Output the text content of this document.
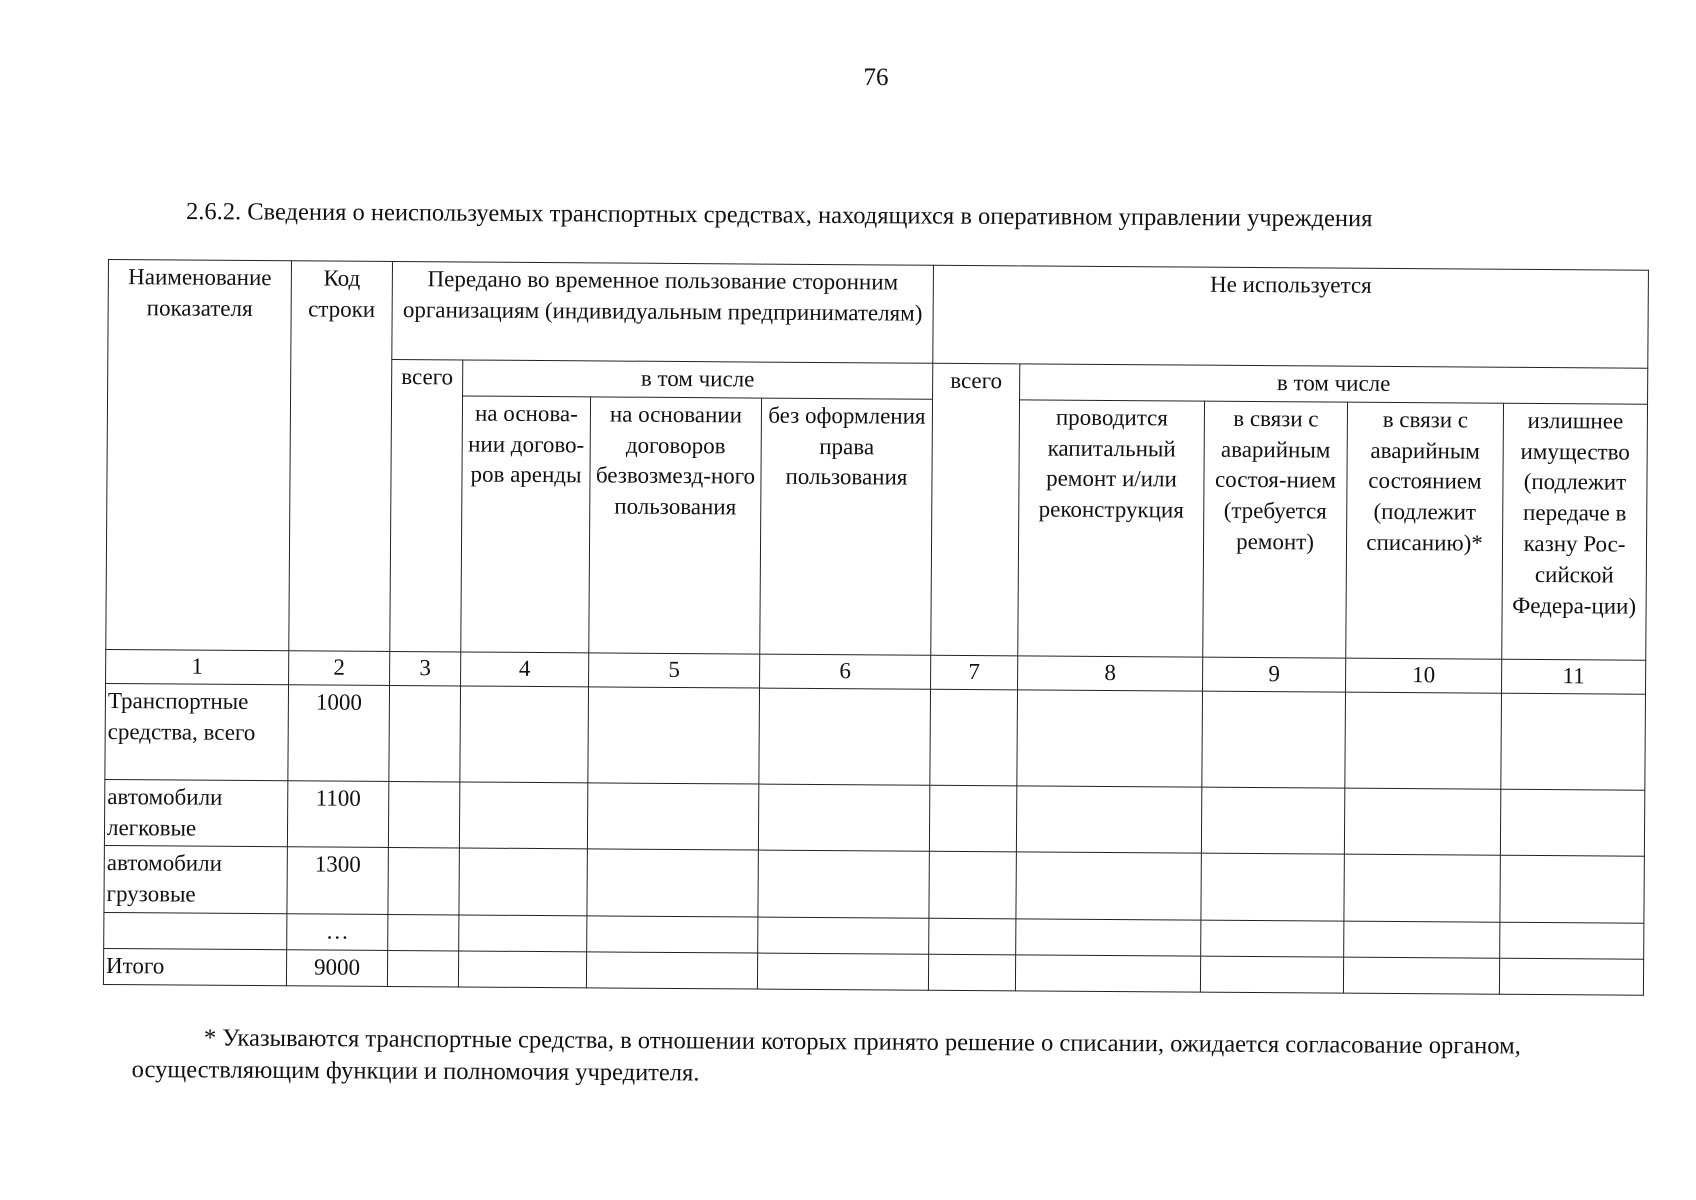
76
2.6.2. Сведения о неиспользуемых транспортных средствах, находящихся в оперативном управлении учреждения
Наименование показателя	Код строки	Передано во временное пользование сторонним организациям (индивидуальным предпринимателям)				Не используется				
		всего	в том числе			всего	в том числе			
			на основа-нии догово-ров аренды	на основании договоров безвозмезд-ного пользования	без оформления права пользования		проводится капитальный ремонт и/или реконструкция	в связи с аварийным состоя-нием (требуется ремонт)	в связи с аварийным состоянием (подлежит списанию)*	излишнее имущество (подлежит передаче в казну Рос-сийской Федера-ции)
1	2	3	4	5	6	7	8	9	10	11
Транспортные средства, всего	1000									
автомобили легковые	1100									
автомобили грузовые	1300									
	…									
Итого	9000									
* Указываются транспортные средства, в отношении которых принято решение о списании, ожидается согласование органом, осуществляющим функции и полномочия учредителя.
